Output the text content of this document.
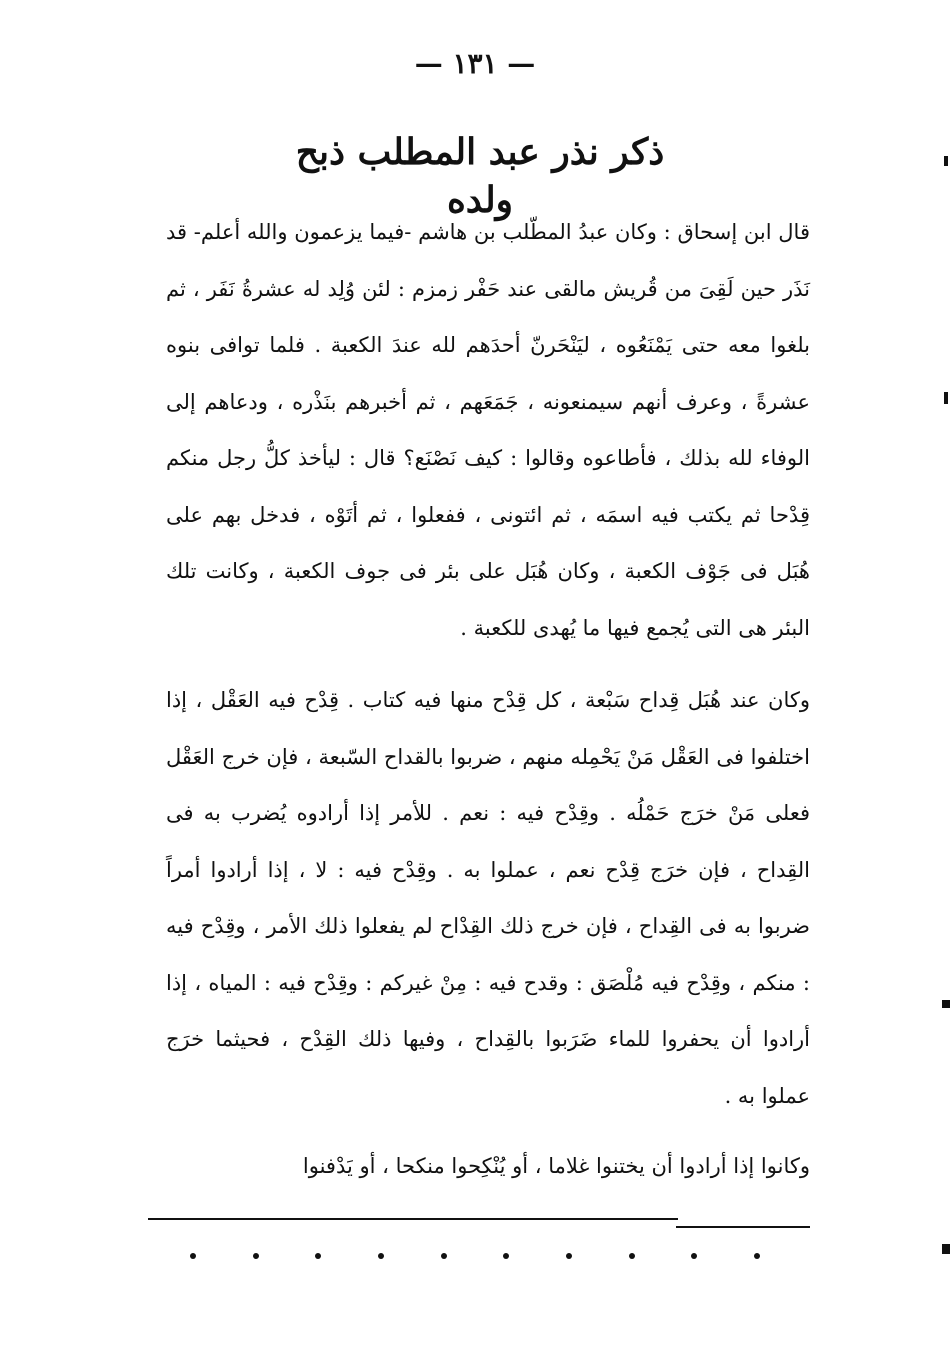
— ١٣١ —
ذكر نذر عبد المطلب ذبح ولده

قال ابن إسحاق : وكان عبدُ المطّلب بن هاشم -فيما يزعمون والله أعلم- قد نَذَر حين لَقِىَ من قُريش مالقى عند حَفْر زمزم : لئن وُلِد له عشرةُ نَفَر ، ثم بلغوا معه حتى يَمْنَعُوه ، ليَنْحَرنّ أحدَهم لله عندَ الكعبة . فلما توافى بنوه عشرةً ، وعرف أنهم سيمنعونه ، جَمَعَهم ، ثم أخبرهم بنَذْره ، ودعاهم إلى الوفاء لله بذلك ، فأطاعوه وقالوا : كيف نَصْنَع؟ قال : ليأخذ كلُّ رجل منكم قِدْحا ثم يكتب فيه اسمَه ، ثم ائتونى ، ففعلوا ، ثم أتَوْه ، فدخل بهم على هُبَل فى جَوْف الكعبة ، وكان هُبَل على بئر فى جوف الكعبة ، وكانت تلك البئر هى التى يُجمع فيها ما يُهدى للكعبة .

وكان عند هُبَل قِداح سَبْعة ، كل قِدْح منها فيه كتاب . قِدْح فيه العَقْل ، إذا اختلفوا فى العَقْل مَنْ يَحْمِله منهم ، ضربوا بالقداح السّبعة ، فإن خرج العَقْل فعلى مَنْ خرَج حَمْلُه . وقِدْح فيه : نعم . للأمر إذا أرادوه يُضرب به فى القِداح ، فإن خرَج قِدْح نعم ، عملوا به . وقِدْح فيه : لا ، إذا أرادوا أمراً ضربوا به فى القِداح ، فإن خرج ذلك القِدْاح لم يفعلوا ذلك الأمر ، وقِدْح فيه : منكم ، وقِدْح فيه مُلْصَق : وقدح فيه : مِنْ غيركم : وقِدْح فيه : المياه ، إذا أرادوا أن يحفروا للماء ضَرَبوا بالقِداح ، وفيها ذلك القِدْح ، فحيثما خرَج عملوا به .

وكانوا إذا أرادوا أن يختنوا غلاما ، أو يُنْكِحوا منكحا ، أو يَدْفنوا
